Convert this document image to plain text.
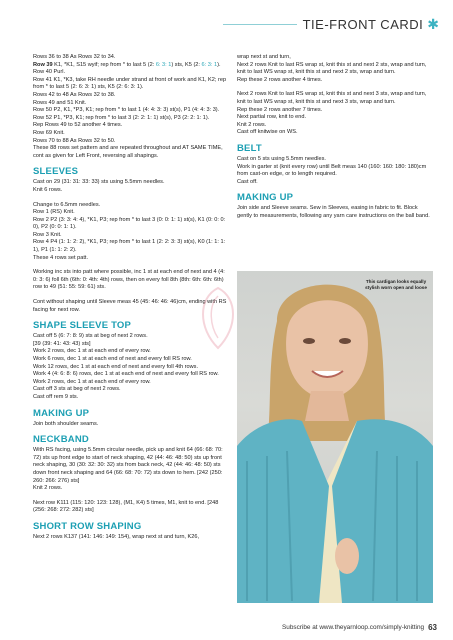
TIE-FRONT CARDI ✱

Rows 36 to 38 As Rows 32 to 34.

Row 39

K1, *K1, S15 wyif; rep from * to last 5 (2: 6: 3: 1) sts, K5 (2: 6: 3: 1).

Row 40 Purl.

Row 41 K1, *K3, take RH needle under strand at front of work and K1, K2; rep from * to last 5 (2: 6: 3: 1) sts, K5 (2: 6: 3: 1).

Rows 42 to 48 As Rows 32 to 38.

Rows 49 and 51 Knit.

Row 50 P2, K1, *P3, K1; rep from * to last 1 (4: 4: 3: 3) st(s), P1 (4: 4: 3: 3).

Row 52 P1, *P3, K1; rep from * to last 3 (2: 2: 1: 1) st(s), P3 (2: 2: 1: 1).

Rep Rows 49 to 52 another 4 times.

Row 69 Knit.

Rows 70 to 88 As Rows 32 to 50.

These 88 rows set pattern and are repeated throughout and AT SAME TIME, cont as given for Left Front, reversing all shapings.

SLEEVES

Cast on 29 (31: 31: 33: 33) sts using 5.5mm needles.

Knit 6 rows.

Change to 6.5mm needles.

Row 1 (RS) Knit.

Row 2 P2 (3: 3: 4: 4), *K1, P3; rep from * to last 3 (0: 0: 1: 1) st(s), K1 (0: 0: 0: 0), P2 (0: 0: 1: 1).

Row 3 Knit.

Row 4 P4 (1: 1: 2: 2), *K1, P3; rep from * to last 1 (2: 2: 3: 3) st(s), K0 (1: 1: 1: 1), P1 (1: 1: 2: 2).

These 4 rows set patt.

Working inc sts into patt where possible, inc 1 st at each end of next and 4 (4: 0: 3: 6) foll 6th (6th: 0: 4th: 4th) rows, then on every foll 8th (8th: 6th: 6th: 6th) row to 49 (51: 55: 59: 61) sts.

Cont without shaping until Sleeve meas 45 (45: 46: 46: 46)cm, ending with RS facing for next row.

SHAPE SLEEVE TOP

Cast off 5 (6: 7: 8: 9) sts at beg of next 2 rows.

[39 (39: 41: 43: 43) sts]

Work 2 rows, dec 1 st at each end of every row.

Work 6 rows, dec 1 st at each end of next and every foll RS row.

Work 12 rows, dec 1 st at each end of next and every foll 4th rows.

Work 4 (4: 6: 8: 6) rows, dec 1 st at each end of next and every foll RS row.

Work 2 rows, dec 1 st at each end of every row.

Cast off 3 sts at beg of next 2 rows.

Cast off rem 9 sts.

MAKING UP

Join both shoulder seams.

NECKBAND

With RS facing, using 5.5mm circular needle, pick up and knit 64 (66: 68: 70: 72) sts up front edge to start of neck shaping, 42 (44: 46: 48: 50) sts up front neck shaping, 30 (30: 32: 30: 32) sts from back neck, 42 (44: 46: 48: 50) sts down front neck shaping and 64 (66: 68: 70: 72) sts down to hem. [242 (250: 260: 266: 276) sts]

Knit 2 rows.

Next row K111 (115: 120: 123: 128), (M1, K4) 5 times, M1, knit to end. [248 (256: 268: 272: 282) sts]

SHORT ROW SHAPING

Next 2 rows K137 (141: 146: 149: 154), wrap next st and turn, K26,

wrap next st and turn,

Next 2 rows Knit to last RS wrap st, knit this st and next 2 sts, wrap and turn, knit to last WS wrap st, knit this st and next 2 sts, wrap and turn.

Rep these 2 rows another 4 times.

Next 2 rows Knit to last RS wrap st, knit this st and next 3 sts, wrap and turn, knit to last WS wrap st, knit this st and next 3 sts, wrap and turn.

Rep these 2 rows another 7 times.

Next partial row, knit to end.

Knit 2 rows.

Cast off knitwise on WS.

BELT

Cast on 5 sts using 5.5mm needles.

Work in garter st (knit every row) until Belt meas 140 (160: 160: 180: 180)cm from cast-on edge, or to length required.

Cast off.

MAKING UP

Join side and Sleeve seams. Sew in Sleeves, easing in fabric to fit. Block gently to measurements, following any yarn care instructions on the ball band.

This cardigan looks equally stylish worn open and loose
Subscribe at www.theyarnloop.com/simply-knitting 63
